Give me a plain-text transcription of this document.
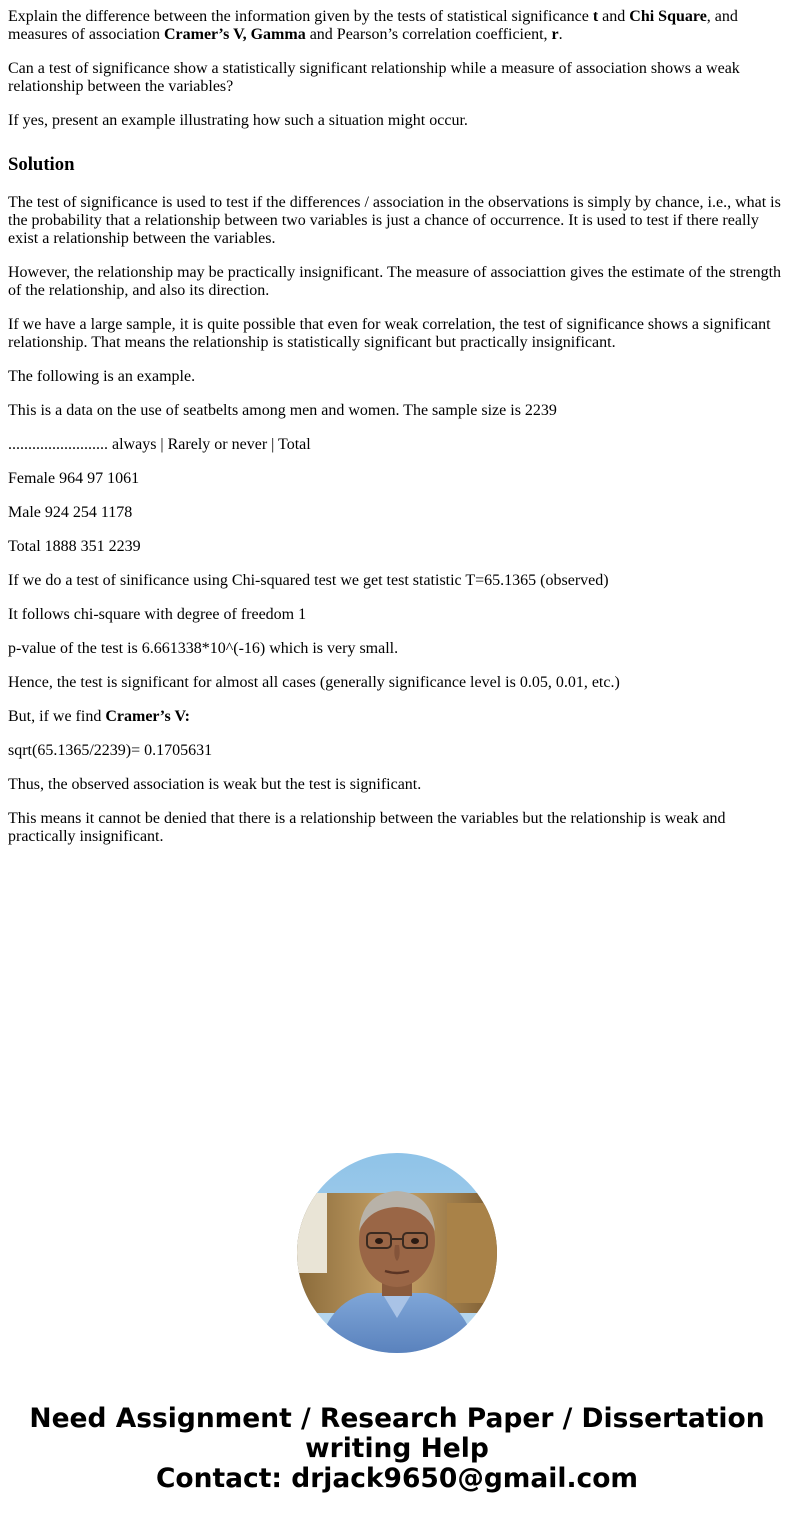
Explain the difference between the information given by the tests of statistical significance t and Chi Square, and measures of association Cramer’s V, Gamma and Pearson’s correlation coefficient, r.

Can a test of significance show a statistically significant relationship while a measure of association shows a weak relationship between the variables?

If yes, present an example illustrating how such a situation might occur.

Solution

The test of significance is used to test if the differences / association in the observations is simply by chance, i.e., what is the probability that a relationship between two variables is just a chance of occurrence. It is used to test if there really exist a relationship between the variables.

However, the relationship may be practically insignificant. The measure of associattion gives the estimate of the strength of the relationship, and also its direction.

If we have a large sample, it is quite possible that even for weak correlation, the test of significance shows a significant relationship. That means the relationship is statistically significant but practically insignificant.

The following is an example.

This is a data on the use of seatbelts among men and women. The sample size is 2239

......................... always | Rarely or never | Total

Female 964 97 1061

Male 924 254 1178

Total 1888 351 2239

If we do a test of sinificance using Chi-squared test we get test statistic T=65.1365 (observed)

It follows chi-square with degree of freedom 1

p-value of the test is 6.661338*10^(-16) which is very small.

Hence, the test is significant for almost all cases (generally significance level is 0.05, 0.01, etc.)

But, if we find Cramer’s V:

sqrt(65.1365/2239)= 0.1705631

Thus, the observed association is weak but the test is significant.

This means it cannot be denied that there is a relationship between the variables but the relationship is weak and practically insignificant.

Need Assignment / Research Paper / Dissertation
writing Help
Contact: drjack9650@gmail.com
